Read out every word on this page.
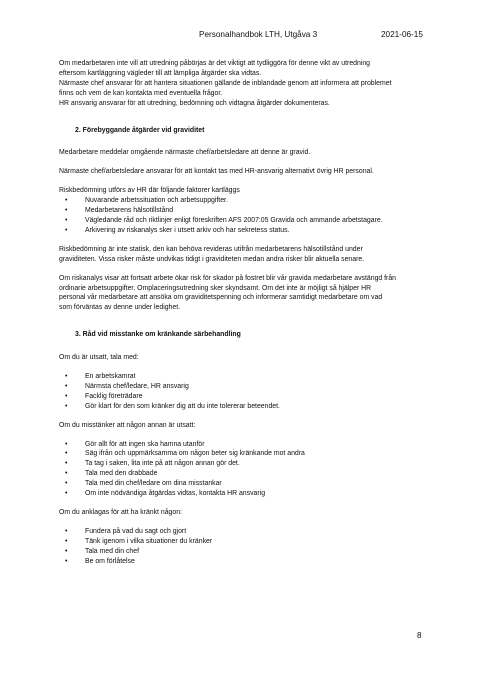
Personalhandbok LTH, Utgåva 3	2021-06-15
Om medarbetaren inte vill att utredning påbörjas är det viktigt att tydliggöra för denne vikt av utredning
eftersom kartläggning vägleder till att lämpliga åtgärder ska vidtas.
Närmaste chef ansvarar för att hantera situationen gällande de inblandade genom att informera att problemet
finns och vem de kan kontakta med eventuella frågor.
HR ansvarig ansvarar för att utredning, bedömning och vidtagna åtgärder dokumenteras.
2. Förebyggande åtgärder vid graviditet
Medarbetare meddelar omgående närmaste chef/arbetsledare att denne är gravid.
Närmaste chef/arbetsledare ansvarar för att kontakt tas med HR-ansvarig alternativt övrig HR personal.
Riskbedömning utförs av HR där följande faktorer kartläggs
• Nuvarande arbetssituation och arbetsuppgifter.
• Medarbetarens hälsotillstånd
• Vägledande råd och riktlinjer enligt föreskriften AFS 2007:05 Gravida och ammande arbetstagare.
• Arkivering av riskanalys sker i utsett arkiv och har sekretess status.
Riskbedömning är inte statisk, den kan behöva revideras utifrån medarbetarens hälsotillstånd under
graviditeten. Vissa risker måste undvikas tidigt i graviditeten medan andra risker blir aktuella senare.
Om riskanalys visar att fortsatt arbete ökar risk för skador på fostret blir vår gravida medarbetare avstängd från
ordinarie arbetsuppgifter. Omplaceringsutredning sker skyndsamt. Om det inte är möjligt så hjälper HR
personal vår medarbetare att ansöka om graviditetspenning och informerar samtidigt medarbetare om vad
som förväntas av denne under ledighet.
3. Råd vid misstanke om kränkande särbehandling
Om du är utsatt, tala med:
• En arbetskamrat
• Närmsta chef/ledare, HR ansvarig
• Facklig företrädare
• Gör klart för den som kränker dig att du inte tolererar beteendet.
Om du misstänker att någon annan är utsatt:
• Gör allt för att ingen ska hamna utanför
• Säg ifrån och uppmärksamma om någon beter sig kränkande mot andra
• Ta tag i saken, lita inte på att någon annan gör det.
• Tala med den drabbade
• Tala med din chef/ledare om dina misstankar
• Om inte nödvändiga åtgärdas vidtas, kontakta HR ansvarig
Om du anklagas för att ha kränkt någon:
• Fundera på vad du sagt och gjort
• Tänk igenom i vilka situationer du kränker
• Tala med din chef
• Be om förlåtelse
8
